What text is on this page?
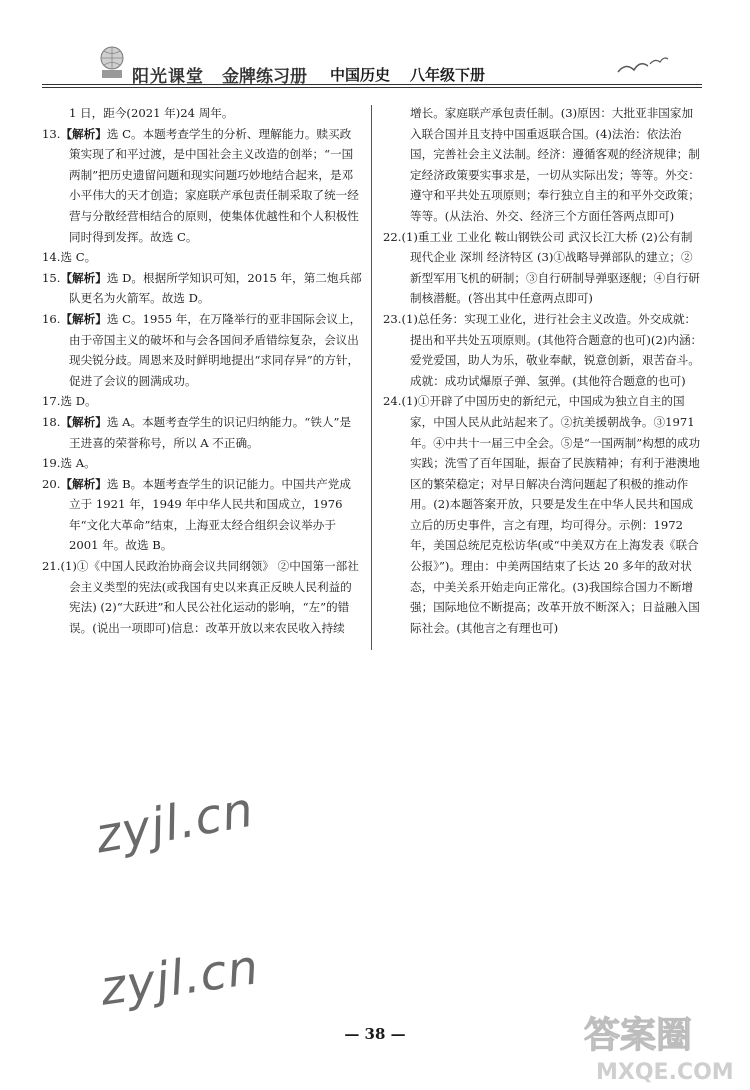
阳光课堂 金牌练习册 中国历史 八年级下册

1 日，距今(2021 年)24 周年。

13.【解析】选 C。本题考查学生的分析、理解能力。赎买政策实现了和平过渡，是中国社会主义改造的创举；“一国两制”把历史遗留问题和现实问题巧妙地结合起来，是邓小平伟大的天才创造；家庭联产承包责任制采取了统一经营与分散经营相结合的原则，使集体优越性和个人积极性同时得到发挥。故选 C。

14.选 C。

15.【解析】选 D。根据所学知识可知，2015 年，第二炮兵部队更名为火箭军。故选 D。

16.【解析】选 C。1955 年，在万隆举行的亚非国际会议上，由于帝国主义的破坏和与会各国间矛盾错综复杂，会议出现尖锐分歧。周恩来及时鲜明地提出“求同存异”的方针，促进了会议的圆满成功。

17.选 D。

18.【解析】选 A。本题考查学生的识记归纳能力。“铁人”是王进喜的荣誉称号，所以 A 不正确。

19.选 A。

20.【解析】选 B。本题考查学生的识记能力。中国共产党成立于 1921 年，1949 年中华人民共和国成立，1976 年“文化大革命”结束，上海亚太经合组织会议举办于 2001 年。故选 B。

21.(1)①《中国人民政治协商会议共同纲领》 ②中国第一部社会主义类型的宪法(或我国有史以来真正反映人民利益的宪法) (2)“大跃进”和人民公社化运动的影响，“左”的错误。(说出一项即可)信息：改革开放以来农民收入持续

增长。家庭联产承包责任制。(3)原因：大批亚非国家加入联合国并且支持中国重返联合国。(4)法治：依法治国，完善社会主义法制。经济：遵循客观的经济规律；制定经济政策要实事求是，一切从实际出发；等等。外交：遵守和平共处五项原则；奉行独立自主的和平外交政策；等等。(从法治、外交、经济三个方面任答两点即可)

22.(1)重工业 工业化 鞍山钢铁公司 武汉长江大桥 (2)公有制 现代企业 深圳 经济特区 (3)①战略导弹部队的建立；②新型军用飞机的研制；③自行研制导弹驱逐舰；④自行研制核潜艇。(答出其中任意两点即可)

23.(1)总任务：实现工业化，进行社会主义改造。外交成就：提出和平共处五项原则。(其他符合题意的也可)(2)内涵：爱党爱国，助人为乐，敬业奉献，锐意创新，艰苦奋斗。成就：成功试爆原子弹、氢弹。(其他符合题意的也可)

24.(1)①开辟了中国历史的新纪元，中国成为独立自主的国家，中国人民从此站起来了。②抗美援朝战争。③1971年。④中共十一届三中全会。⑤是“一国两制”构想的成功实践；洗雪了百年国耻，振奋了民族精神；有利于港澳地区的繁荣稳定；对早日解决台湾问题起了积极的推动作用。(2)本题答案开放，只要是发生在中华人民共和国成立后的历史事件，言之有理，均可得分。示例：1972 年，美国总统尼克松访华(或“中美双方在上海发表《联合公报》”)。理由：中美两国结束了长达 20 多年的敌对状态，中美关系开始走向正常化。(3)我国综合国力不断增强；国际地位不断提高；改革开放不断深入；日益融入国际社会。(其他言之有理也可)

zyjl.cn
zyjl.cn
— 38 —	答案圈
MXQE.COM
